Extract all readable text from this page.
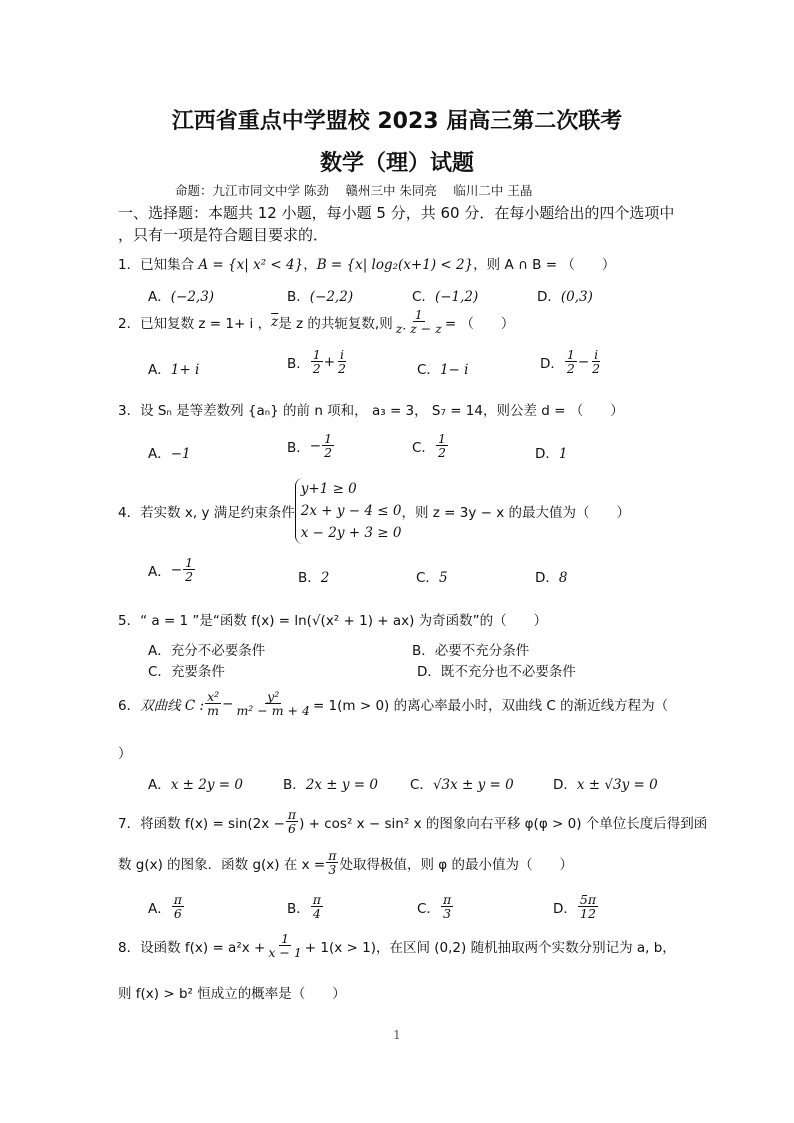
江西省重点中学盟校 2023 届高三第二次联考
数学（理）试题
命题：九江市同文中学 陈劲　 赣州三中 朱同亮　 临川二中 王晶
一、选择题：本题共 12 小题，每小题 5 分，共 60 分．在每小题给出的四个选项中
，只有一项是符合题目要求的．
1．已知集合 A = {x| x² < 4}，B = {x| log₂(x+1) < 2}，则 A ∩ B = （　　）
A．(−2,3)	B．(−2,2)	C．(−1,2)	D．(0,3)
2． 已知复数 z = 1+ i ， $\overline{z}$ 是 z 的共轭复数,则 $\frac{1}{z\cdot z - z}$ = （　　）
A．1+ i	B． $\frac{1}{2} + \frac{i}{2}$	C．1− i	D． $\frac{1}{2} - \frac{i}{2}$
3．设 Sₙ 是等差数列 {aₙ} 的前 n 项和， a₃ = 3， S₇ = 14，则公差 d = （　　）
A．−1	B． − $\frac{1}{2}$	C． $\frac{1}{2}$	D．1
4． 若实数 x, y 满足约束条件
y+1 ≥ 0
2x + y − 4 ≤ 0
x − 2y + 3 ≥ 0
，则 z = 3y − x 的最大值为（　　）
A． − $\frac{1}{2}$	B．2	C．5	D．8
5．“ a = 1 ”是“函数 f(x) = ln(√(x² + 1) + ax) 为奇函数”的（　　）
A．充分不必要条件	B．必要不充分条件
C．充要条件	D．既不充分也不必要条件
6． 双曲线 C : $\frac{\text{x²}}{m} - \frac{\text{y²}}{\text{m² − m + 4}} = 1(m > 0)$ 的离心率最小时，双曲线 C 的渐近线方程为（
）
A．x ± 2y = 0	B．2x ± y = 0 C．√3x ± y = 0	D．x ± √3y = 0
7． 将函数 $f(x) = \sin(2x - \frac{\pi}{6}$ ) + cos² x − sin² x 的图象向右平移 φ(φ > 0) 个单位长度后得到函
数 g(x) 的图象．函数 g(x) 在 $x = \frac{\pi}{3}$ 处取得极值，则 φ 的最小值为（　　）
A． $\frac{\pi}{6}$	B． $\frac{\pi}{4}$	C． $\frac{\pi}{3}$	D． $\frac{5\pi}{12}$
8． 设函数 $f(x) = a^2x + \frac{1}{x - 1} + 1(x > 1)$，在区间 (0,2) 随机抽取两个实数分别记为 a, b，
则 f(x) > b² 恒成立的概率是（　　）
1
